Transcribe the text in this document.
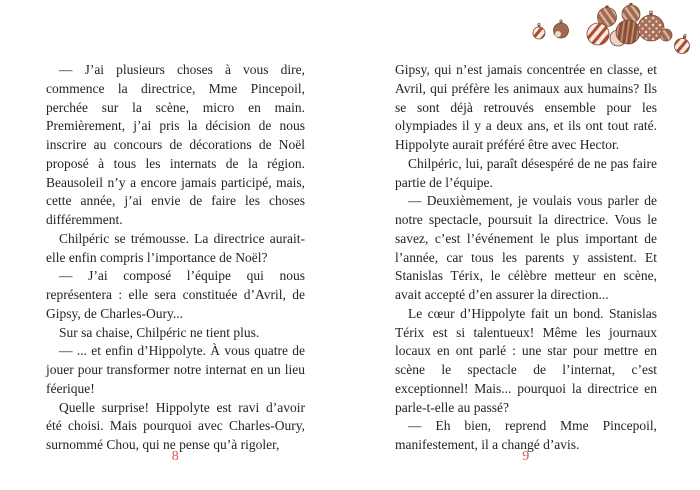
— J’ai plusieurs choses à vous dire, commence la directrice, Mme Pincepoil, perchée sur la scène, micro en main. Premièrement, j’ai pris la décision de nous inscrire au concours de décorations de Noël proposé à tous les internats de la région. Beausoleil n’y a encore jamais participé, mais, cette année, j’ai envie de faire les choses différemment.

Chilpéric se trémousse. La directrice aurait-elle enfin compris l’importance de Noël?

— J’ai composé l’équipe qui nous représentera : elle sera constituée d’Avril, de Gipsy, de Charles-Oury...

Sur sa chaise, Chilpéric ne tient plus.

— ... et enfin d’Hippolyte. À vous quatre de jouer pour transformer notre internat en un lieu féerique!

Quelle surprise! Hippolyte est ravi d’avoir été choisi. Mais pourquoi avec Charles-Oury, surnommé Chou, qui ne pense qu’à rigoler,

Gipsy, qui n’est jamais concentrée en classe, et Avril, qui préfère les animaux aux humains? Ils se sont déjà retrouvés ensemble pour les olympiades il y a deux ans, et ils ont tout raté. Hippolyte aurait préféré être avec Hector.

Chilpéric, lui, paraît désespéré de ne pas faire partie de l’équipe.

— Deuxièmement, je voulais vous parler de notre spectacle, poursuit la directrice. Vous le savez, c’est l’événement le plus important de l’année, car tous les parents y assistent. Et Stanislas Térix, le célèbre metteur en scène, avait accepté d’en assurer la direction...

Le cœur d’Hippolyte fait un bond. Stanislas Térix est si talentueux! Même les journaux locaux en ont parlé : une star pour mettre en scène le spectacle de l’internat, c’est exceptionnel! Mais... pourquoi la directrice en parle-t-elle au passé?

— Eh bien, reprend Mme Pincepoil, manifestement, il a changé d’avis.

8	9
